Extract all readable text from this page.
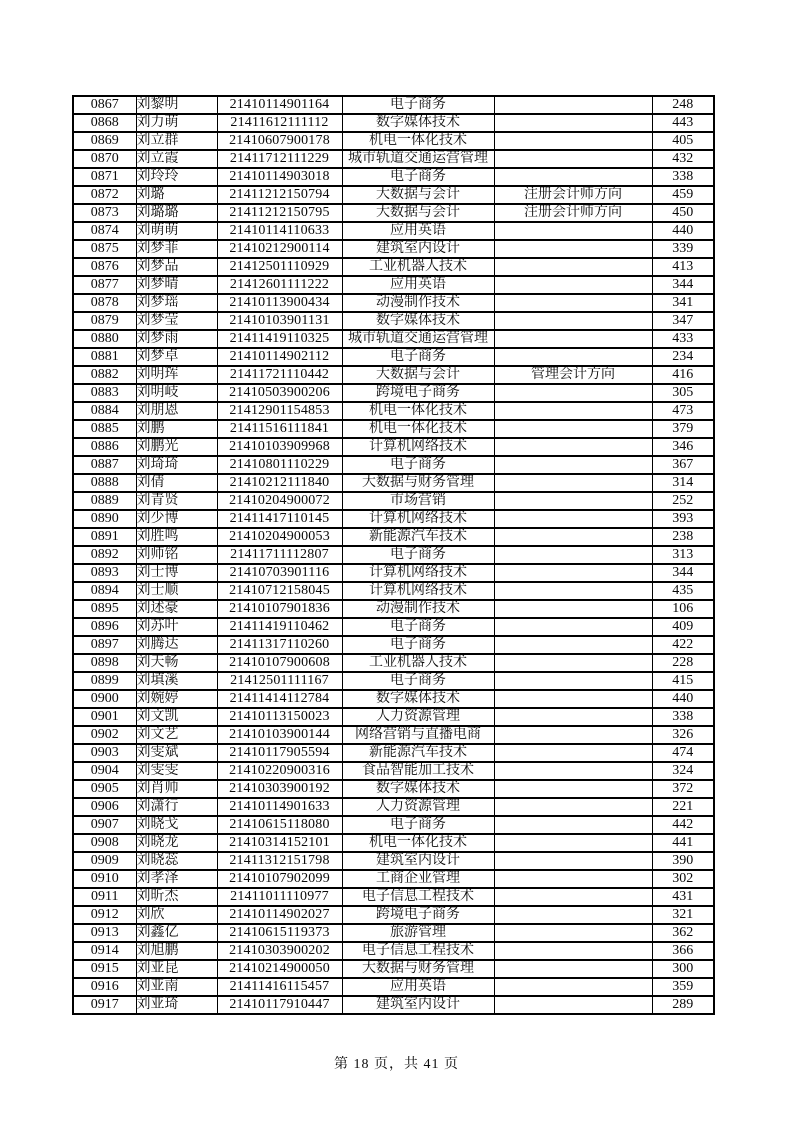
0867	刘黎明	21410114901164	电子商务		248
0868	刘力萌	21411612111112	数字媒体技术		443
0869	刘立群	21410607900178	机电一体化技术		405
0870	刘立霞	21411712111229	城市轨道交通运营管理		432
0871	刘玲玲	21410114903018	电子商务		338
0872	刘璐	21411212150794	大数据与会计	注册会计师方向	459
0873	刘璐璐	21411212150795	大数据与会计	注册会计师方向	450
0874	刘萌萌	21410114110633	应用英语		440
0875	刘梦菲	21410212900114	建筑室内设计		339
0876	刘梦品	21412501110929	工业机器人技术		413
0877	刘梦晴	21412601111222	应用英语		344
0878	刘梦瑶	21410113900434	动漫制作技术		341
0879	刘梦莹	21410103901131	数字媒体技术		347
0880	刘梦雨	21411419110325	城市轨道交通运营管理		433
0881	刘梦卓	21410114902112	电子商务		234
0882	刘明珲	21411721110442	大数据与会计	管理会计方向	416
0883	刘明岐	21410503900206	跨境电子商务		305
0884	刘朋恩	21412901154853	机电一体化技术		473
0885	刘鹏	21411516111841	机电一体化技术		379
0886	刘鹏光	21410103909968	计算机网络技术		346
0887	刘琦琦	21410801110229	电子商务		367
0888	刘倩	21410212111840	大数据与财务管理		314
0889	刘青贤	21410204900072	市场营销		252
0890	刘少博	21411417110145	计算机网络技术		393
0891	刘胜鸣	21410204900053	新能源汽车技术		238
0892	刘师铭	21411711112807	电子商务		313
0893	刘士博	21410703901116	计算机网络技术		344
0894	刘士顺	21410712158045	计算机网络技术		435
0895	刘述豪	21410107901836	动漫制作技术		106
0896	刘苏叶	21411419110462	电子商务		409
0897	刘腾达	21411317110260	电子商务		422
0898	刘天畅	21410107900608	工业机器人技术		228
0899	刘填溪	21412501111167	电子商务		415
0900	刘婉婷	21411414112784	数字媒体技术		440
0901	刘文凯	21410113150023	人力资源管理		338
0902	刘文艺	21410103900144	网络营销与直播电商		326
0903	刘雯斌	21410117905594	新能源汽车技术		474
0904	刘雯雯	21410220900316	食品智能加工技术		324
0905	刘肖帅	21410303900192	数字媒体技术		372
0906	刘潇行	21410114901633	人力资源管理		221
0907	刘晓戈	21410615118080	电子商务		442
0908	刘晓龙	21410314152101	机电一体化技术		441
0909	刘晓蕊	21411312151798	建筑室内设计		390
0910	刘孝泽	21410107902099	工商企业管理		302
0911	刘昕杰	21411011110977	电子信息工程技术		431
0912	刘欣	21410114902027	跨境电子商务		321
0913	刘鑫亿	21410615119373	旅游管理		362
0914	刘旭鹏	21410303900202	电子信息工程技术		366
0915	刘亚昆	21410214900050	大数据与财务管理		300
0916	刘亚南	21411416115457	应用英语		359
0917	刘亚琦	21410117910447	建筑室内设计		289
第 18 页，共 41 页
